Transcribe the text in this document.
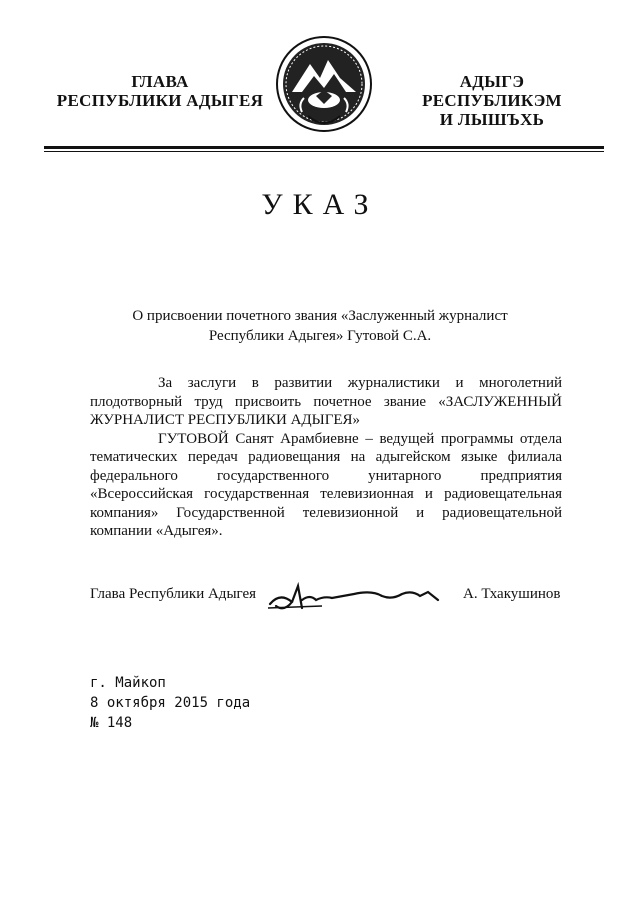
ГЛАВА
РЕСПУБЛИКИ АДЫГЕЯ
АДЫГЭ РЕСПУБЛИКЭМ
И ЛЫШЪХЬ
УКАЗ
О присвоении почетного звания «Заслуженный журналист
Республики Адыгея» Гутовой С.А.

За заслуги в развитии журналистики и многолетний плодотворный труд присвоить почетное звание «ЗАСЛУЖЕННЫЙ ЖУРНАЛИСТ РЕСПУБЛИКИ АДЫГЕЯ»

ГУТОВОЙ Санят Арамбиевне – ведущей программы отдела тематических передач радиовещания на адыгейском языке филиала федерального государственного унитарного предприятия «Всероссийская государственная телевизионная и радиовещательная компания» Государственной телевизионной и радиовещательной компании «Адыгея».

Глава Республики Адыгея	А. Тхакушинов
г. Майкоп
8 октября 2015 года
№ 148
